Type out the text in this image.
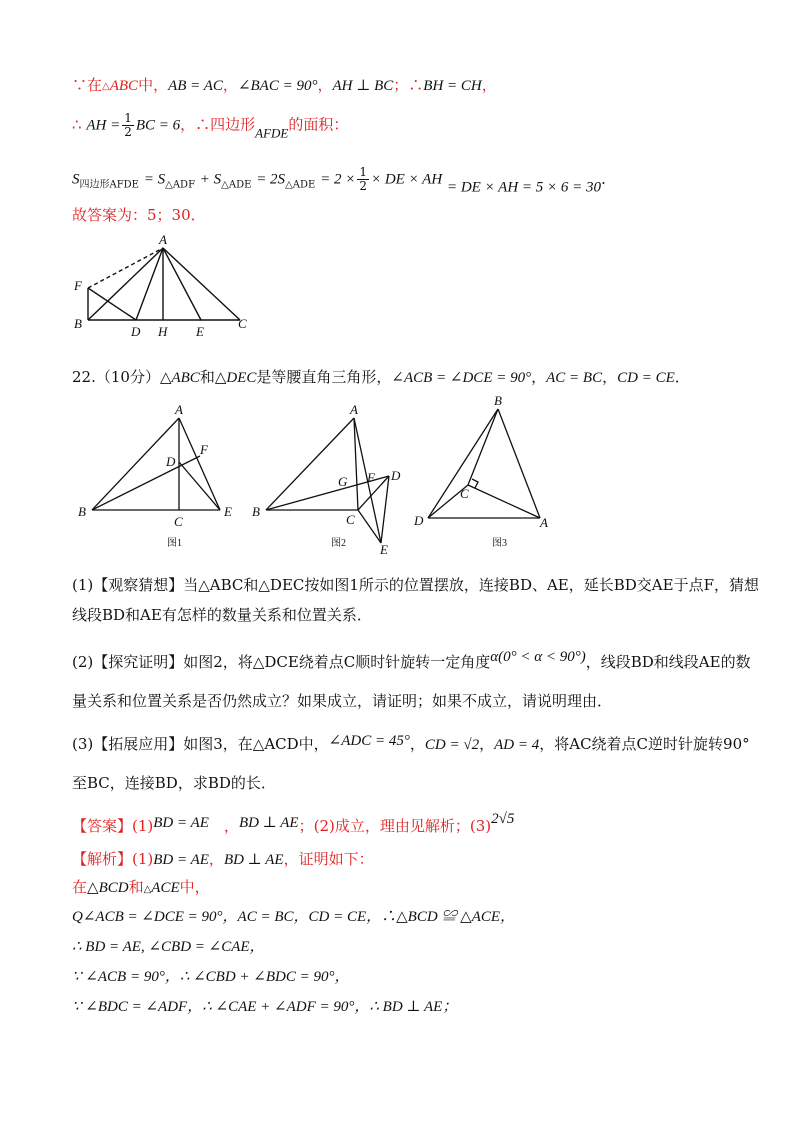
∵在△ABC中，AB = AC，∠BAC = 90°，AH ⊥ BC；∴BH = CH，
∴ AH = $\frac{1}{2}$ BC = 6，∴四边形AFDE的面积：
$S_{四边形AFDE} = S_{\triangle ADF} + S_{\triangle ADE} = 2S_{\triangle ADE} = 2 \times \frac{1}{2}$ × DE × AH = DE × AH = 5 × 6 = 30．
故答案为：5；30．
A
F
B
D H E
C
22.（10分）△ABC和△DEC是等腰直角三角形，∠ACB = ∠DCE = 90°，AC = BC，CD = CE．
A
D
F
B
C
E
图1
A
G F D
B
C
E
图2
B
C
D	A
图3
(1)【观察猜想】当△ABC和△DEC按如图1所示的位置摆放，连接BD、AE，延长BD交AE于点F，猜想
线段BD和AE有怎样的数量关系和位置关系．
(2)【探究证明】如图2，将△DCE绕着点C顺时针旋转一定角度α(0° < α < 90°)，线段BD和线段AE的数
量关系和位置关系是否仍然成立？如果成立，请证明；如果不成立，请说明理由．
(3)【拓展应用】如图3，在△ACD中，∠ADC = 45°，CD = √2，AD = 4，将AC绕着点C逆时针旋转90°
至BC，连接BD，求BD的长．
【答案】(1)BD = AE　，BD ⊥ AE；(2)成立，理由见解析；(3)2√5
【解析】(1)BD = AE，BD ⊥ AE，证明如下：
在△BCD和△ACE中，
Q∠ACB = ∠DCE = 90°，AC = BC，CD = CE，∴△BCD ≌ △ACE，
∴ BD = AE, ∠CBD = ∠CAE，
∵ ∠ACB = 90°，∴ ∠CBD + ∠BDC = 90°，
∵ ∠BDC = ∠ADF，∴ ∠CAE + ∠ADF = 90°，∴ BD ⊥ AE；
